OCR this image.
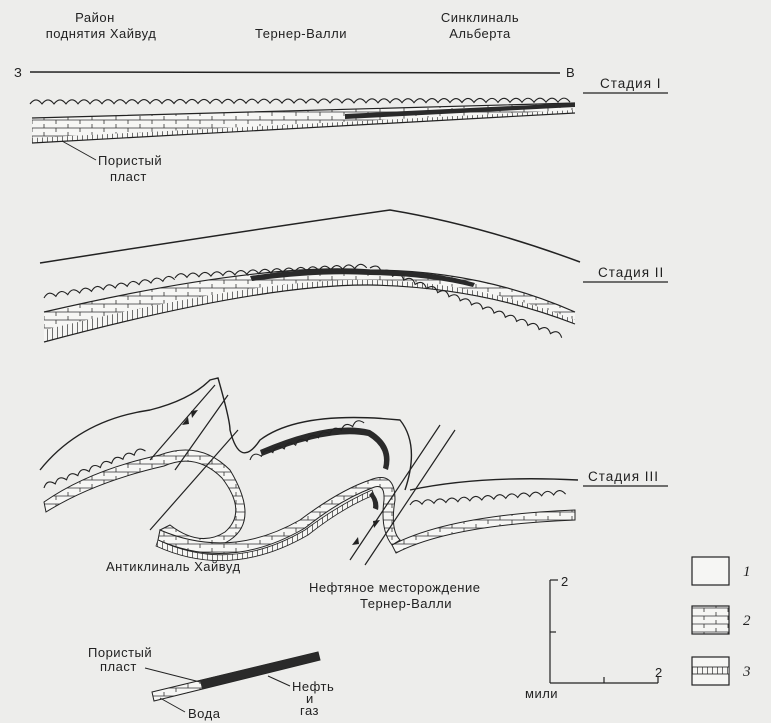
Район
поднятия Хайвуд	Тернер-Валли
Синклиналь
Альберта
З	В
Стадия I
Пористый
пласт
Стадия II
Стадия III
Антиклиналь Хайвуд
Нефтяное месторождение
Тернер-Валли
Пористый
пласт
Вода
Нефть
и
газ
2
2
мили
1
2
3
